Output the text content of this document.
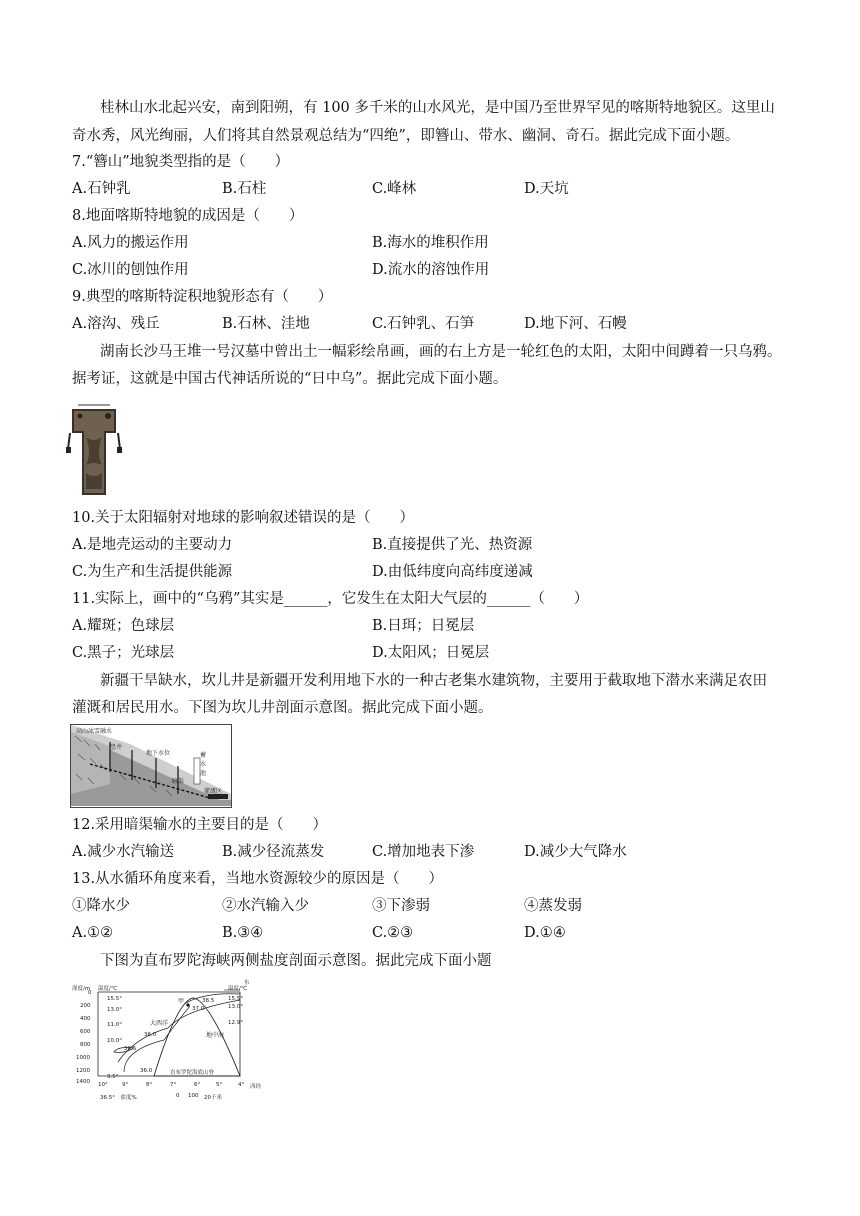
桂林山水北起兴安，南到阳朔，有 100 多千米的山水风光，是中国乃至世界罕见的喀斯特地貌区。这里山
奇水秀，风光绚丽，人们将其自然景观总结为“四绝”，即簪山、带水、幽洞、奇石。据此完成下面小题。
7.“簪山”地貌类型指的是（　　）
A.石钟乳	B.石柱	C.峰林	D.天坑
8.地面喀斯特地貌的成因是（　　）
A.风力的搬运作用	B.海水的堆积作用
C.冰川的刨蚀作用	D.流水的溶蚀作用
9.典型的喀斯特淀积地貌形态有（　　）
A.溶沟、残丘	B.石林、洼地	C.石钟乳、石笋	D.地下河、石幔
湖南长沙马王堆一号汉墓中曾出土一幅彩绘帛画，画的右上方是一轮红色的太阳，太阳中间蹲着一只乌鸦。
据考证，这就是中国古代神话所说的“日中乌”。据此完成下面小题。
10.关于太阳辐射对地球的影响叙述错误的是（　　）
A.是地壳运动的主要动力	B.直接提供了光、热资源
C.为生产和生活提供能源	D.由低纬度向高纬度递减
11.实际上，画中的“乌鸦”其实是______，它发生在太阳大气层的______（　　）
A.耀斑；色球层	B.日珥；日冕层
C.黑子；光球层	D.太阳风；日冕层
新疆干旱缺水，坎儿井是新疆开发利用地下水的一种古老集水建筑物，主要用于截取地下潜水来满足农田
灌溉和居民用水。下图为坎儿井剖面示意图。据此完成下面小题。
高山冰雪融水
竖井
地下水位
暗渠
蓄水池
灌溉区
12.采用暗渠输水的主要目的是（　　）
A.减少水汽输送	B.减少径流蒸发	C.增加地表下渗	D.减少大气降水
13.从水循环角度来看，当地水资源较少的原因是（　　）
①降水少	②水汽输入少	③下渗弱	④蒸发弱
A.①②	B.③④	C.②③	D.①④
下图为直布罗陀海峡两侧盐度剖面示意图。据此完成下面小题
深度/m 温度/℃	温度/℃
东
0
200
400
600
800
1000
1200
1400
15.5°
13.0°
11.0°
10.0°
9.5°
15.5°
13.0°
12.9°
大西洋
地中海
直布罗陀海底山脊
甲
36.0
36.5
36.0
37.0
38.5
10°	9°	8°	7°	6°	5°	4° 西经
36.5°　盐度%	0 100 20千米
